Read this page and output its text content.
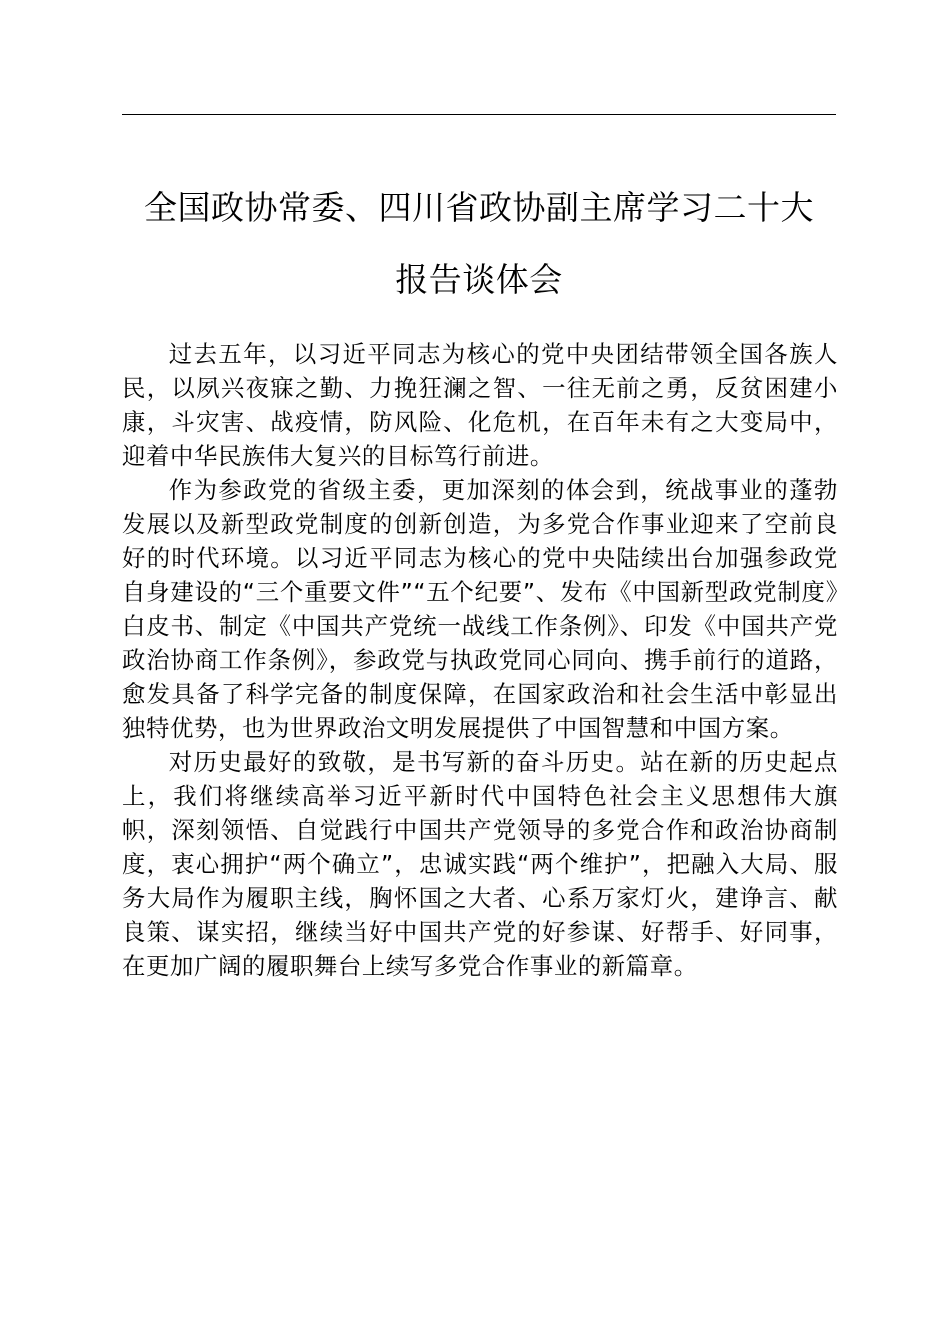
全国政协常委、四川省政协副主席学习二十大
报告谈体会

过去五年，以习近平同志为核心的党中央团结带领全国各族人民，以夙兴夜寐之勤、力挽狂澜之智、一往无前之勇，反贫困建小康，斗灾害、战疫情，防风险、化危机，在百年未有之大变局中，迎着中华民族伟大复兴的目标笃行前进。

作为参政党的省级主委，更加深刻的体会到，统战事业的蓬勃发展以及新型政党制度的创新创造，为多党合作事业迎来了空前良好的时代环境。以习近平同志为核心的党中央陆续出台加强参政党自身建设的“三个重要文件”“五个纪要”、发布《中国新型政党制度》白皮书、制定《中国共产党统一战线工作条例》、印发《中国共产党政治协商工作条例》，参政党与执政党同心同向、携手前行的道路，愈发具备了科学完备的制度保障，在国家政治和社会生活中彰显出独特优势，也为世界政治文明发展提供了中国智慧和中国方案。

对历史最好的致敬，是书写新的奋斗历史。站在新的历史起点上，我们将继续高举习近平新时代中国特色社会主义思想伟大旗帜，深刻领悟、自觉践行中国共产党领导的多党合作和政治协商制度，衷心拥护“两个确立”，忠诚实践“两个维护”，把融入大局、服务大局作为履职主线，胸怀国之大者、心系万家灯火，建诤言、献良策、谋实招，继续当好中国共产党的好参谋、好帮手、好同事，在更加广阔的履职舞台上续写多党合作事业的新篇章。
